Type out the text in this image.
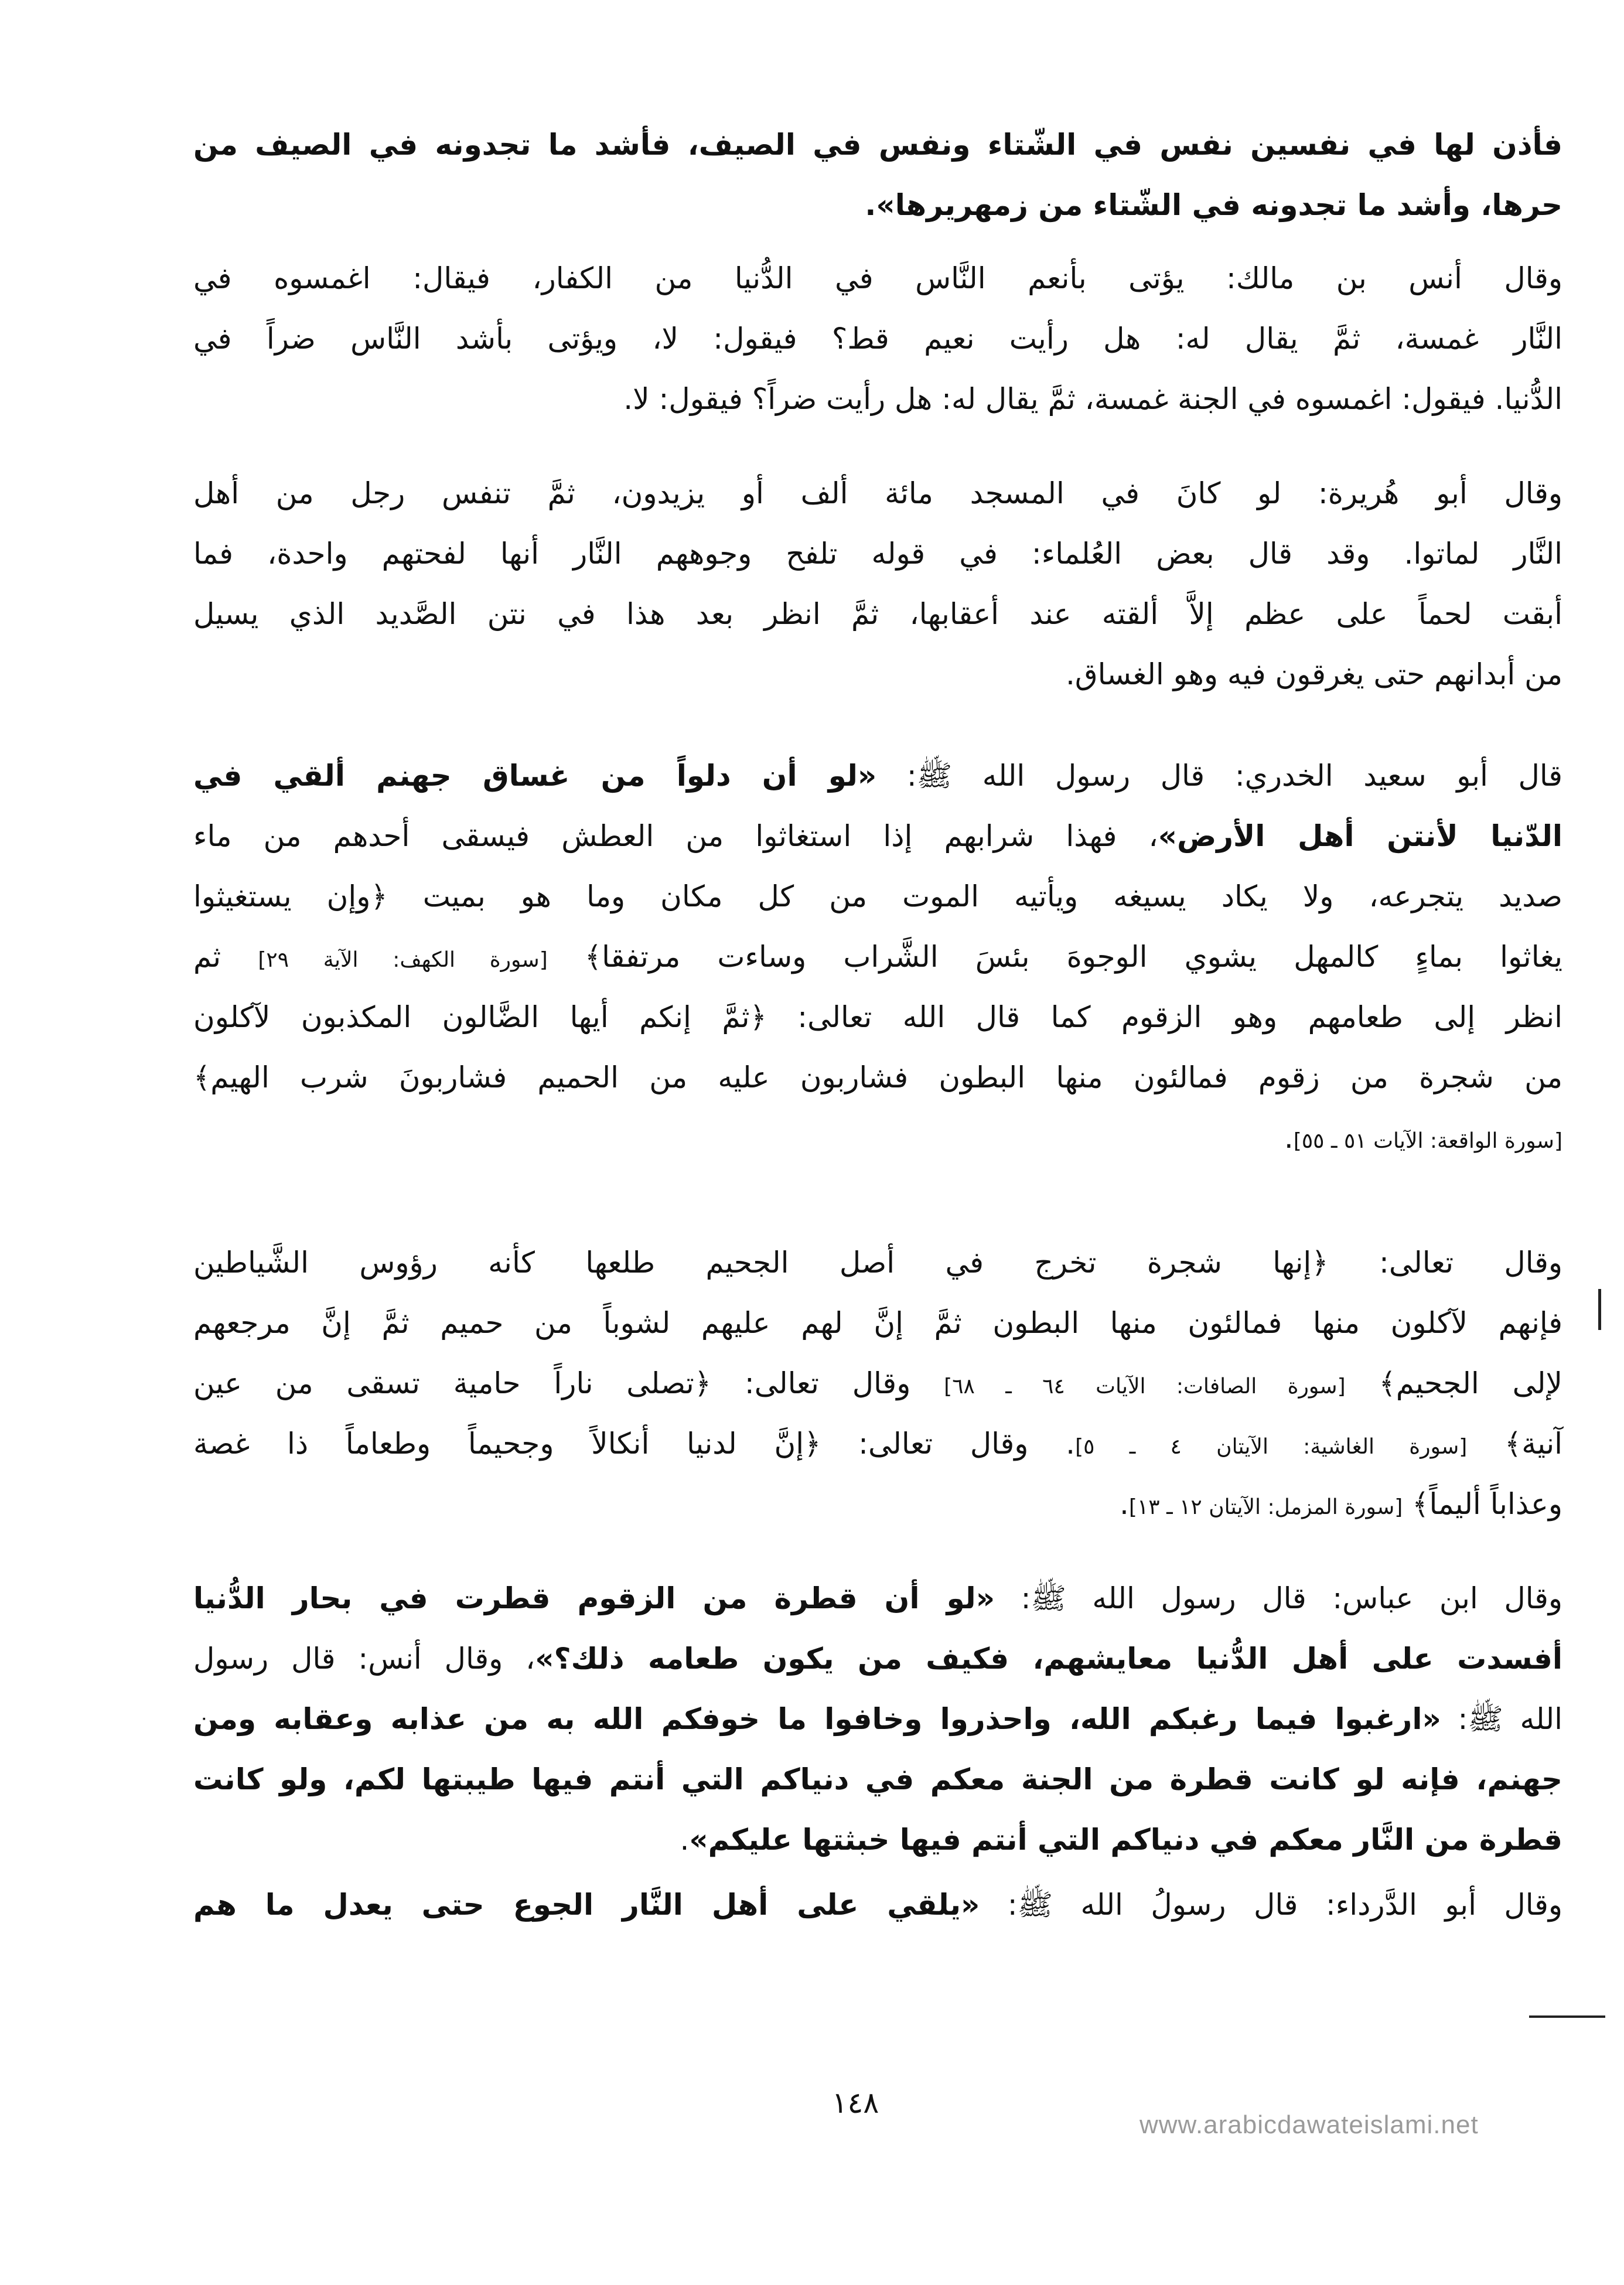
فأذن لها في نفسين نفس في الشّتاء ونفس في الصيف، فأشد ما تجدونه في الصيف من
حرها، وأشد ما تجدونه في الشّتاء من زمهريرها».
وقال أنس بن مالك: يؤتى بأنعم النَّاس في الدُّنيا من الكفار، فيقال: اغمسوه في
النَّار غمسة، ثمَّ يقال له: هل رأيت نعيم قط؟ فيقول: لا، ويؤتى بأشد النَّاس ضراً في
الدُّنيا. فيقول: اغمسوه في الجنة غمسة، ثمَّ يقال له: هل رأيت ضراً؟ فيقول: لا.
وقال أبو هُريرة: لو كانَ في المسجد مائة ألف أو يزيدون، ثمَّ تنفس رجل من أهل
النَّار لماتوا. وقد قال بعض العُلماء: في قوله تلفح وجوههم النَّار أنها لفحتهم واحدة، فما
أبقت لحماً على عظم إلاَّ ألقته عند أعقابها، ثمَّ انظر بعد هذا في نتن الصَّديد الذي يسيل
من أبدانهم حتى يغرقون فيه وهو الغساق.
قال أبو سعيد الخدري: قال رسول الله ﷺ: «لو أن دلواً من غساق جهنم ألقي في
الدّنيا لأنتن أهل الأرض»، فهذا شرابهم إذا استغاثوا من العطش فيسقى أحدهم من ماء
صديد يتجرعه، ولا يكاد يسيغه ويأتيه الموت من كل مكان وما هو بميت ﴿وإن يستغيثوا
يغاثوا بماءٍ كالمهل يشوي الوجوهَ بئسَ الشَّراب وساءت مرتفقا﴾ [سورة الكهف: الآية ٢٩] ثم
انظر إلى طعامهم وهو الزقوم كما قال الله تعالى: ﴿ثمَّ إنكم أيها الضَّالون المكذبون لآكلون
من شجرة من زقوم فمالئون منها البطون فشاربون عليه من الحميم فشاربونَ شرب الهيم﴾
[سورة الواقعة: الآيات ٥١ ـ ٥٥].
وقال تعالى: ﴿إنها شجرة تخرج في أصل الجحيم طلعها كأنه رؤوس الشَّياطين
فإنهم لآكلون منها فمالئون منها البطون ثمَّ إنَّ لهم عليهم لشوباً من حميم ثمَّ إنَّ مرجعهم
لإلى الجحيم﴾ [سورة الصافات: الآيات ٦٤ ـ ٦٨] وقال تعالى: ﴿تصلى ناراً حامية تسقى من عين
آنية﴾ [سورة الغاشية: الآيتان ٤ ـ ٥]. وقال تعالى: ﴿إنَّ لدنيا أنكالاً وجحيماً وطعاماً ذا غصة
وعذاباً أليماً﴾ [سورة المزمل: الآيتان ١٢ ـ ١٣].
وقال ابن عباس: قال رسول الله ﷺ: «لو أن قطرة من الزقوم قطرت في بحار الدُّنيا
أفسدت على أهل الدُّنيا معايشهم، فكيف من يكون طعامه ذلك؟»، وقال أنس: قال رسول
الله ﷺ: «ارغبوا فيما رغبكم الله، واحذروا وخافوا ما خوفكم الله به من عذابه وعقابه ومن
جهنم، فإنه لو كانت قطرة من الجنة معكم في دنياكم التي أنتم فيها طيبتها لكم، ولو كانت
قطرة من النَّار معكم في دنياكم التي أنتم فيها خبثتها عليكم».
وقال أبو الدَّرداء: قال رسولُ الله ﷺ: «يلقي على أهل النَّار الجوع حتى يعدل ما هم
١٤٨
www.arabicdawateislami.net
